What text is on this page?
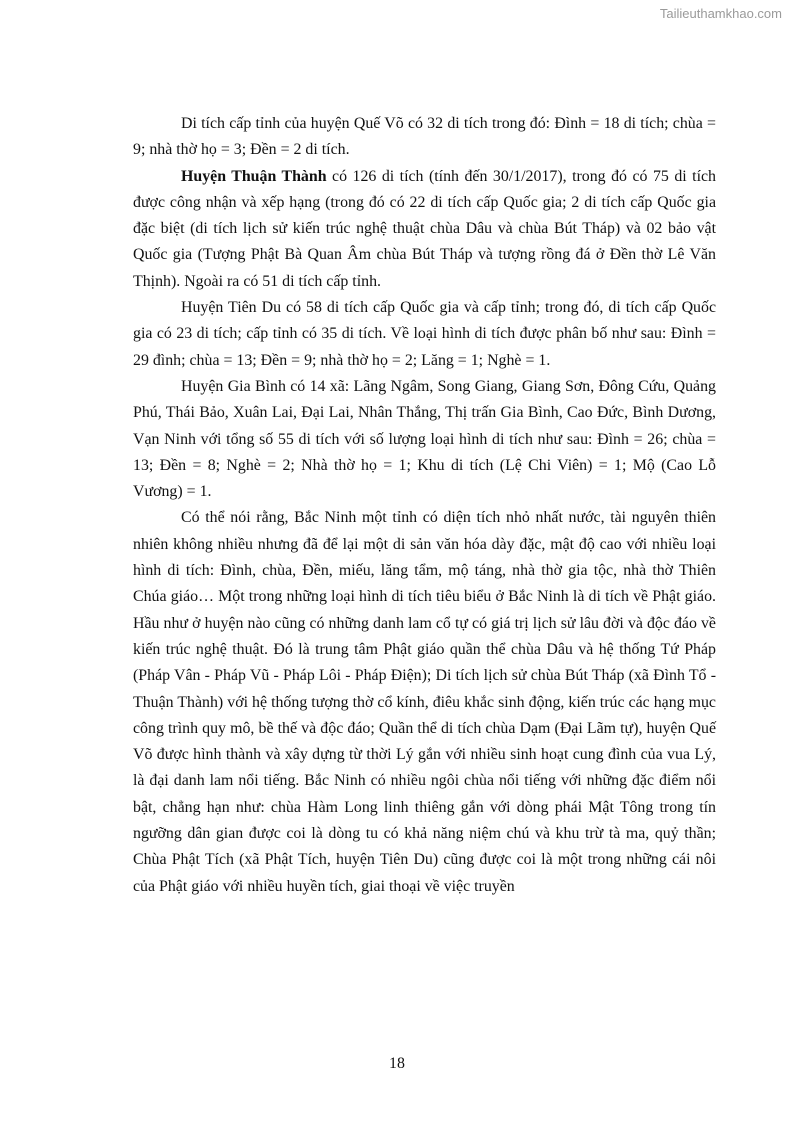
Tailieuthamkhao.com

Di tích cấp tỉnh của huyện Quế Võ có 32 di tích trong đó: Đình = 18 di tích; chùa = 9; nhà thờ họ = 3; Đền = 2 di tích.

Huyện Thuận Thành có 126 di tích (tính đến 30/1/2017), trong đó có 75 di tích được công nhận và xếp hạng (trong đó có 22 di tích cấp Quốc gia; 2 di tích cấp Quốc gia đặc biệt (di tích lịch sử kiến trúc nghệ thuật chùa Dâu và chùa Bút Tháp) và 02 bảo vật Quốc gia (Tượng Phật Bà Quan Âm chùa Bút Tháp và tượng rồng đá ở Đền thờ Lê Văn Thịnh). Ngoài ra có 51 di tích cấp tỉnh.

Huyện Tiên Du có 58 di tích cấp Quốc gia và cấp tỉnh; trong đó, di tích cấp Quốc gia có 23 di tích; cấp tỉnh có 35 di tích. Về loại hình di tích được phân bố như sau: Đình = 29 đình; chùa = 13; Đền = 9; nhà thờ họ = 2; Lăng = 1; Nghè = 1.

Huyện Gia Bình có 14 xã: Lãng Ngâm, Song Giang, Giang Sơn, Đông Cứu, Quảng Phú, Thái Bảo, Xuân Lai, Đại Lai, Nhân Thắng, Thị trấn Gia Bình, Cao Đức, Bình Dương, Vạn Ninh với tổng số 55 di tích với số lượng loại hình di tích như sau: Đình = 26; chùa = 13; Đền = 8; Nghè = 2; Nhà thờ họ = 1; Khu di tích (Lệ Chi Viên) = 1; Mộ (Cao Lỗ Vương) = 1.

Có thể nói rằng, Bắc Ninh một tỉnh có diện tích nhỏ nhất nước, tài nguyên thiên nhiên không nhiều nhưng đã để lại một di sản văn hóa dày đặc, mật độ cao với nhiều loại hình di tích: Đình, chùa, Đền, miếu, lăng tẩm, mộ táng, nhà thờ gia tộc, nhà thờ Thiên Chúa giáo… Một trong những loại hình di tích tiêu biểu ở Bắc Ninh là di tích về Phật giáo. Hầu như ở huyện nào cũng có những danh lam cổ tự có giá trị lịch sử lâu đời và độc đáo về kiến trúc nghệ thuật. Đó là trung tâm Phật giáo quần thể chùa Dâu và hệ thống Tứ Pháp (Pháp Vân - Pháp Vũ - Pháp Lôi - Pháp Điện); Di tích lịch sử chùa Bút Tháp (xã Đình Tổ - Thuận Thành) với hệ thống tượng thờ cổ kính, điêu khắc sinh động, kiến trúc các hạng mục công trình quy mô, bề thế và độc đáo; Quần thể di tích chùa Dạm (Đại Lãm tự), huyện Quế Võ được hình thành và xây dựng từ thời Lý gắn với nhiều sinh hoạt cung đình của vua Lý, là đại danh lam nổi tiếng. Bắc Ninh có nhiều ngôi chùa nổi tiếng với những đặc điểm nổi bật, chẳng hạn như: chùa Hàm Long linh thiêng gắn với dòng phái Mật Tông trong tín ngưỡng dân gian được coi là dòng tu có khả năng niệm chú và khu trừ tà ma, quỷ thần; Chùa Phật Tích (xã Phật Tích, huyện Tiên Du) cũng được coi là một trong những cái nôi của Phật giáo với nhiều huyền tích, giai thoại về việc truyền

18
